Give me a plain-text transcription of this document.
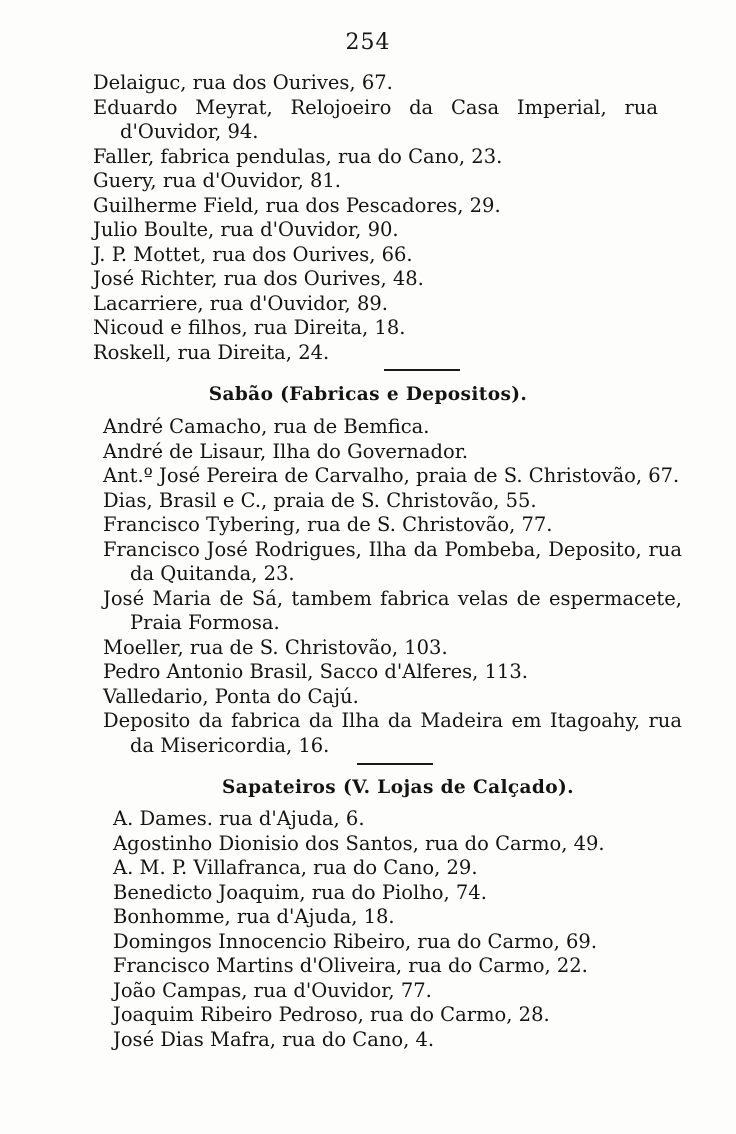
254
Delaiguc, rua dos Ourives, 67.
Eduardo Meyrat, Relojoeiro da Casa Imperial, rua d'Ouvidor, 94.
Faller, fabrica pendulas, rua do Cano, 23.
Guery, rua d'Ouvidor, 81.
Guilherme Field, rua dos Pescadores, 29.
Julio Boulte, rua d'Ouvidor, 90.
J. P. Mottet, rua dos Ourives, 66.
José Richter, rua dos Ourives, 48.
Lacarriere, rua d'Ouvidor, 89.
Nicoud e filhos, rua Direita, 18.
Roskell, rua Direita, 24.
Sabão (Fabricas e Depositos).
André Camacho, rua de Bemfica.
André de Lisaur, Ilha do Governador.
Ant.º José Pereira de Carvalho, praia de S. Christovão, 67.
Dias, Brasil e C., praia de S. Christovão, 55.
Francisco Tybering, rua de S. Christovão, 77.
Francisco José Rodrigues, Ilha da Pombeba, Deposito, rua da Quitanda, 23.
José Maria de Sá, tambem fabrica velas de espermacete, Praia Formosa.
Moeller, rua de S. Christovão, 103.
Pedro Antonio Brasil, Sacco d'Alferes, 113.
Valledario, Ponta do Cajú.
Deposito da fabrica da Ilha da Madeira em Itagoahy, rua da Misericordia, 16.
Sapateiros (V. Lojas de Calçado).
A. Dames. rua d'Ajuda, 6.
Agostinho Dionisio dos Santos, rua do Carmo, 49.
A. M. P. Villafranca, rua do Cano, 29.
Benedicto Joaquim, rua do Piolho, 74.
Bonhomme, rua d'Ajuda, 18.
Domingos Innocencio Ribeiro, rua do Carmo, 69.
Francisco Martins d'Oliveira, rua do Carmo, 22.
João Campas, rua d'Ouvidor, 77.
Joaquim Ribeiro Pedroso, rua do Carmo, 28.
José Dias Mafra, rua do Cano, 4.
